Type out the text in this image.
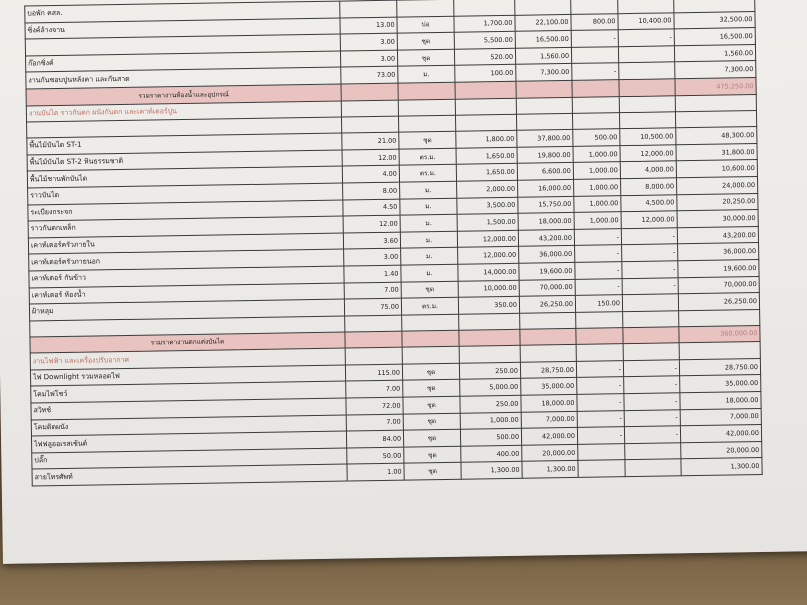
บอพัก คสล.							
ซิ่งค์ล้างจาน	13.00	บ่อ	1,700.00	22,100.00	800.00	10,400.00	32,500.00
	3.00	ชุด	5,500.00	16,500.00	-	-	16,500.00
ก๊อกซิ่งค์	3.00	ชุด	520.00	1,560.00			1,560.00
งานกันซอบปูนหลังคา และกันสาด	73.00	ม.	100.00	7,300.00	-		7,300.00
รวมราคางานห้องน้ำและอุปกรณ์							475,250.00
งานบันได ราวกันตก ผนังกันตก และเคาท์เตอร์ปูน							

พื้นไม้บันได ST-1	21.00	ชุด	1,800.00	37,800.00	500.00	10,500.00	48,300.00
พื้นไม้บันได ST-2 หินธรรมชาติ	12.00	ตร.ม.	1,650.00	19,800.00	1,000.00	12,000.00	31,800.00
พื้นไม้ชานพักบันได	4.00	ตร.ม.	1,650.00	6,600.00	1,000.00	4,000.00	10,600.00
ราวบันได	8.00	ม.	2,000.00	16,000.00	1,000.00	8,000.00	24,000.00
ระเบียงกระจก	4.50	ม.	3,500.00	15,750.00	1,000.00	4,500.00	20,250.00
ราวกันตกเหล็ก	12.00	ม.	1,500.00	18,000.00	1,000.00	12,000.00	30,000.00
เคาท์เตอร์ครัวภายใน	3.60	ม.	12,000.00	43,200.00	-	-	43,200.00
เคาท์เตอร์ครัวภายนอก	3.00	ม.	12,000.00	36,000.00	-	-	36,000.00
เคาท์เตอร์ กันข้าว	1.40	ม.	14,000.00	19,600.00	-	-	19,600.00
เคาท์เตอร์ ห้องน้ำ	7.00	ชุด	10,000.00	70,000.00	-	-	70,000.00
ฝ้าหลุม	75.00	ตร.ม.	350.00	26,250.00	150.00		26,250.00

รวมราคางานตกแต่งบันได							360,000.00
งานไฟฟ้า และเครื่องปรับอากาศ							
ไฟ Downlight รวมหลอดไฟ	115.00	ชุด	250.00	28,750.00	-	-	28,750.00
โคมไฟโชว์	7.00	ชุด	5,000.00	35,000.00	-	-	35,000.00
สวิทช์	72.00	ชุด	250.00	18,000.00	-	-	18,000.00
โคมติดผนัง	7.00	ชุด	1,000.00	7,000.00	-	-	7,000.00
ไฟฟลูออเรสเซ้นต์	84.00	ชุด	500.00	42,000.00	-	-	42,000.00
ปลั๊ก	50.00	ชุด	400.00	20,000.00			20,000.00
สายโทรศัพท์	1.00	ชุด	1,300.00	1,300.00			1,300.00
